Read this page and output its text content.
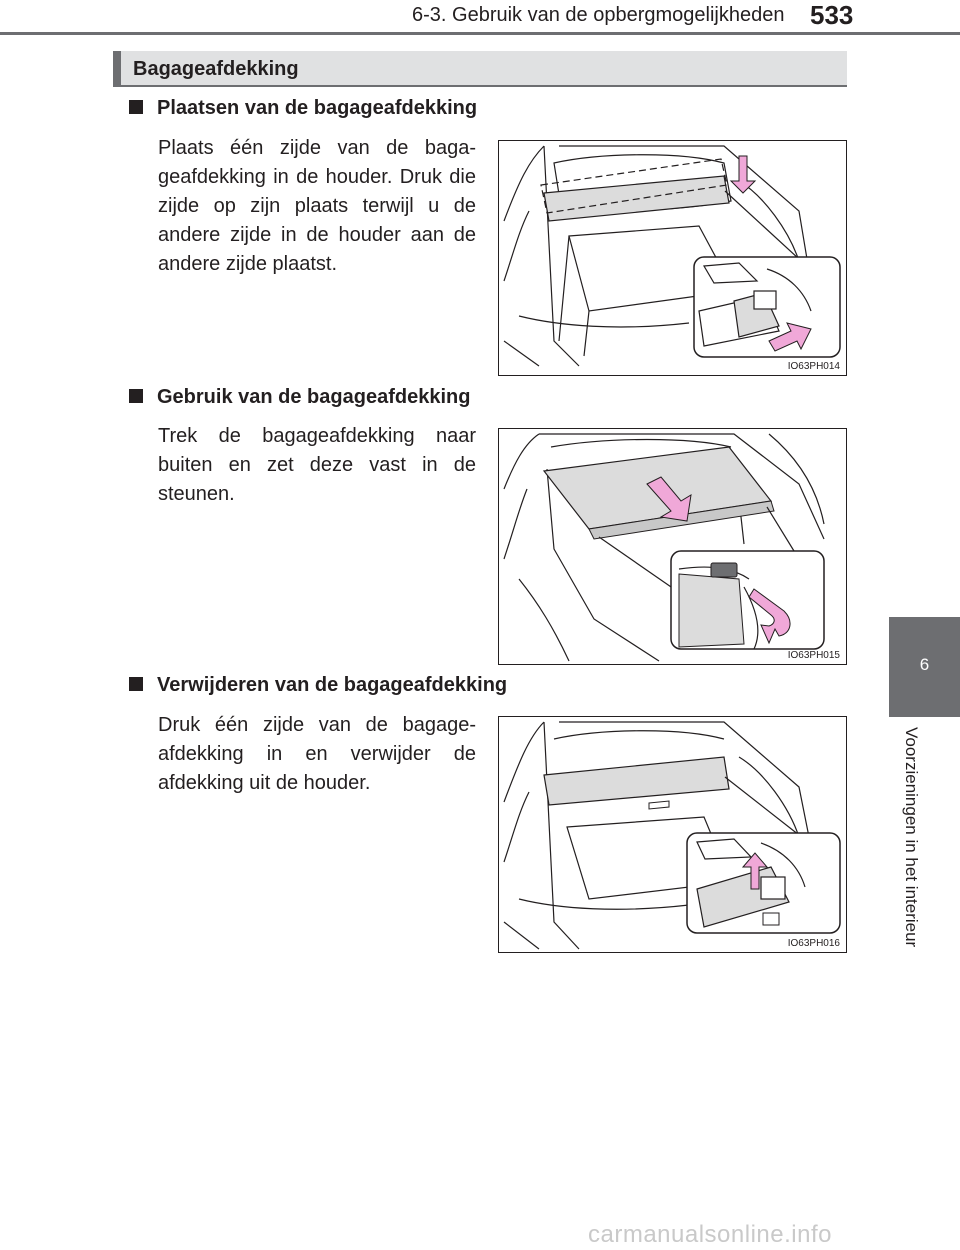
6-3. Gebruik van de opbergmogelijkheden 533
6
Voorzieningen in het interieur
Bagageafdekking
Plaatsen van de bagageafdekking
Plaats één zijde van de baga-geafdekking in de houder. Druk die zijde op zijn plaats terwijl u de andere zijde in de houder aan de andere zijde plaatst.
IO63PH014
Gebruik van de bagageafdekking
Trek de bagageafdekking naar buiten en zet deze vast in de steunen.
IO63PH015
Verwijderen van de bagageafdekking
Druk één zijde van de bagage-afdekking in en verwijder de afdekking uit de houder.
IO63PH016
carmanualsonline.info
